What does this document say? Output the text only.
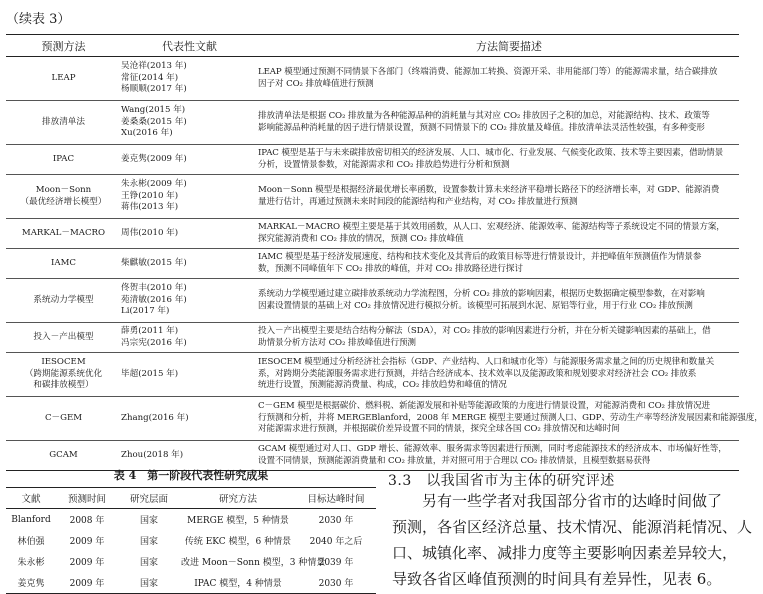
（续表 3）
预测方法	代表性文献	方法简要描述

LEAP	吴沧祥(2013 年)
常征(2014 年)
杨顺顺(2017 年)	LEAP 模型通过预测不同情景下各部门（终端消费、能源加工转换、资源开采、非用能部门等）的能源需求量，结合碳排放
因子对 CO₂ 排放峰值进行预测

排放清单法	Wang(2015 年)
姜桑桑(2015 年)
Xu(2016 年)	排放清单法是根据 CO₂ 排放量为各种能源品种的消耗量与其对应 CO₂ 排放因子之积的加总，对能源结构、技术、政策等
影响能源品种消耗量的因子进行情景设置，预测不同情景下的 CO₂ 排放量及峰值。排放清单法灵活性较强，有多种变形

IPAC	姜克隽(2009 年)	IPAC 模型是基于与未来碳排放密切相关的经济发展、人口、城市化、行业发展、气候变化政策、技术等主要因素，借助情景
分析，设置情景参数，对能源需求和 CO₂ 排放趋势进行分析和预测

Moon－Sonn
（最优经济增长模型）	朱永彬(2009 年)
王铮(2010 年)
蒋伟(2013 年)	Moon－Sonn 模型是根据经济最优增长率函数，设置参数计算未来经济平稳增长路径下的经济增长率，对 GDP、能源消费
量进行估计，再通过预测未来时间段的能源结构和产业结构，对 CO₂ 排放量进行预测

MARKAL－MACRO	周伟(2010 年)	MARKAL－MACRO 模型主要是基于其效用函数，从人口、宏观经济、能源效率、能源结构等子系统设定不同的情景方案，
探究能源消费和 CO₂ 排放的情况，预测 CO₂ 排放峰值

IAMC	柴麒敏(2015 年)	IAMC 模型是基于经济发展速度、结构和技术变化及其背后的政策目标等进行情景设计，并把峰值年预测值作为情景参
数，预测不同峰值年下 CO₂ 排放的峰值，并对 CO₂ 排放路径进行探讨

系统动力学模型	佟贺丰(2010 年)
苑清敏(2016 年)
Li(2017 年)	系统动力学模型通过建立碳排放系统动力学流程图，分析 CO₂ 排放的影响因素，根据历史数据确定模型参数，在对影响
因素设置情景的基础上对 CO₂ 排放情况进行模拟分析。该模型可拓展到水泥、原铝等行业，用于行业 CO₂ 排放预测

投入－产出模型	薛勇(2011 年)
冯宗宪(2016 年)	投入－产出模型主要是结合结构分解法（SDA），对 CO₂ 排放的影响因素进行分析，并在分析关键影响因素的基础上，借
助情景分析方法对 CO₂ 排放峰值进行预测

IESOCEM
（跨期能源系统优化
和碳排放模型）	毕超(2015 年)	IESOCEM 模型通过分析经济社会指标（GDP、产业结构、人口和城市化等）与能源服务需求量之间的历史规律和数量关
系，对跨期分类能源服务需求进行预测，并结合经济成本、技术效率以及能源政策和规划要求对经济社会 CO₂ 排放系
统进行设置，预测能源消费量、构成，CO₂ 排放趋势和峰值的情况

C－GEM	Zhang(2016 年)	C－GEM 模型是根据碳价、燃料税、新能源发展和补贴等能源政策的力度进行情景设置，对能源消费和 CO₂ 排放情况进
行预测和分析，并将 MERGEBlanford，2008 年 MERGE 模型主要通过预测人口、GDP、劳动生产率等经济发展因素和能源强度，
对能源需求进行预测，并根据碳价差异设置不同的情景，探究全球各国 CO₂ 排放情况和达峰时间

GCAM	Zhou(2018 年)	GCAM 模型通过对人口、GDP 增长、能源效率、服务需求等因素进行预测，同时考虑能源技术的经济成本、市场偏好性等，
设置不同情景，预测能源消费量和 CO₂ 排放量，并对照可用于合理以 CO₂ 排放情景，且模型数据易获得
表 4　第一阶段代表性研究成果
文献	预测时间	研究层面	研究方法	目标达峰时间
Blanford	2008 年	国家	MERGE 模型，5 种情景	2030 年
林伯强	2009 年	国家	传统 EKC 模型，6 种情景	2040 年之后
朱永彬	2009 年	国家	改进 Moon－Sonn 模型，3 种情景	2039 年
姜克隽	2009 年	国家	IPAC 模型，4 种情景	2030 年
3.3　以我国省市为主体的研究评述
另有一些学者对我国部分省市的达峰时间做了
预测，各省区经济总量、技术情况、能源消耗情况、人
口、城镇化率、减排力度等主要影响因素差异较大，
导致各省区峰值预测的时间具有差异性，见表 6。
